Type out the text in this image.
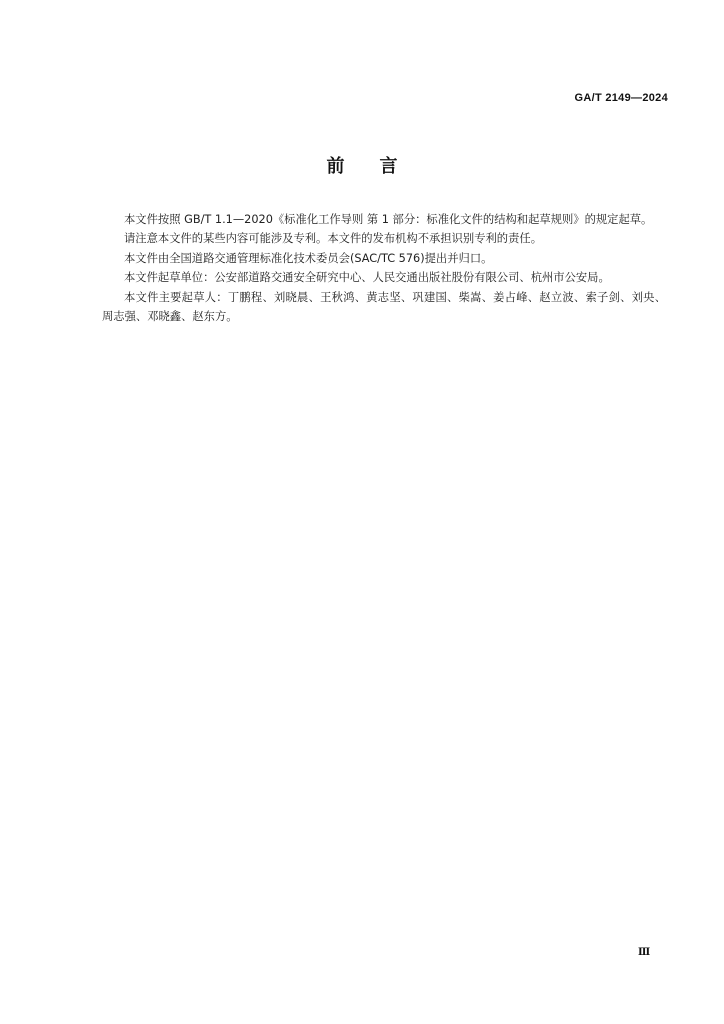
GA/T 2149—2024
前言

本文件按照 GB/T 1.1—2020《标准化工作导则 第 1 部分：标准化文件的结构和起草规则》的规定起草。

请注意本文件的某些内容可能涉及专利。本文件的发布机构不承担识别专利的责任。

本文件由全国道路交通管理标准化技术委员会(SAC/TC 576)提出并归口。

本文件起草单位：公安部道路交通安全研究中心、人民交通出版社股份有限公司、杭州市公安局。

本文件主要起草人：丁鹏程、刘晓晨、王秋鸿、黄志坚、巩建国、柴嵩、姜占峰、赵立波、索子剑、刘央、周志强、邓晓鑫、赵东方。

Ⅲ
